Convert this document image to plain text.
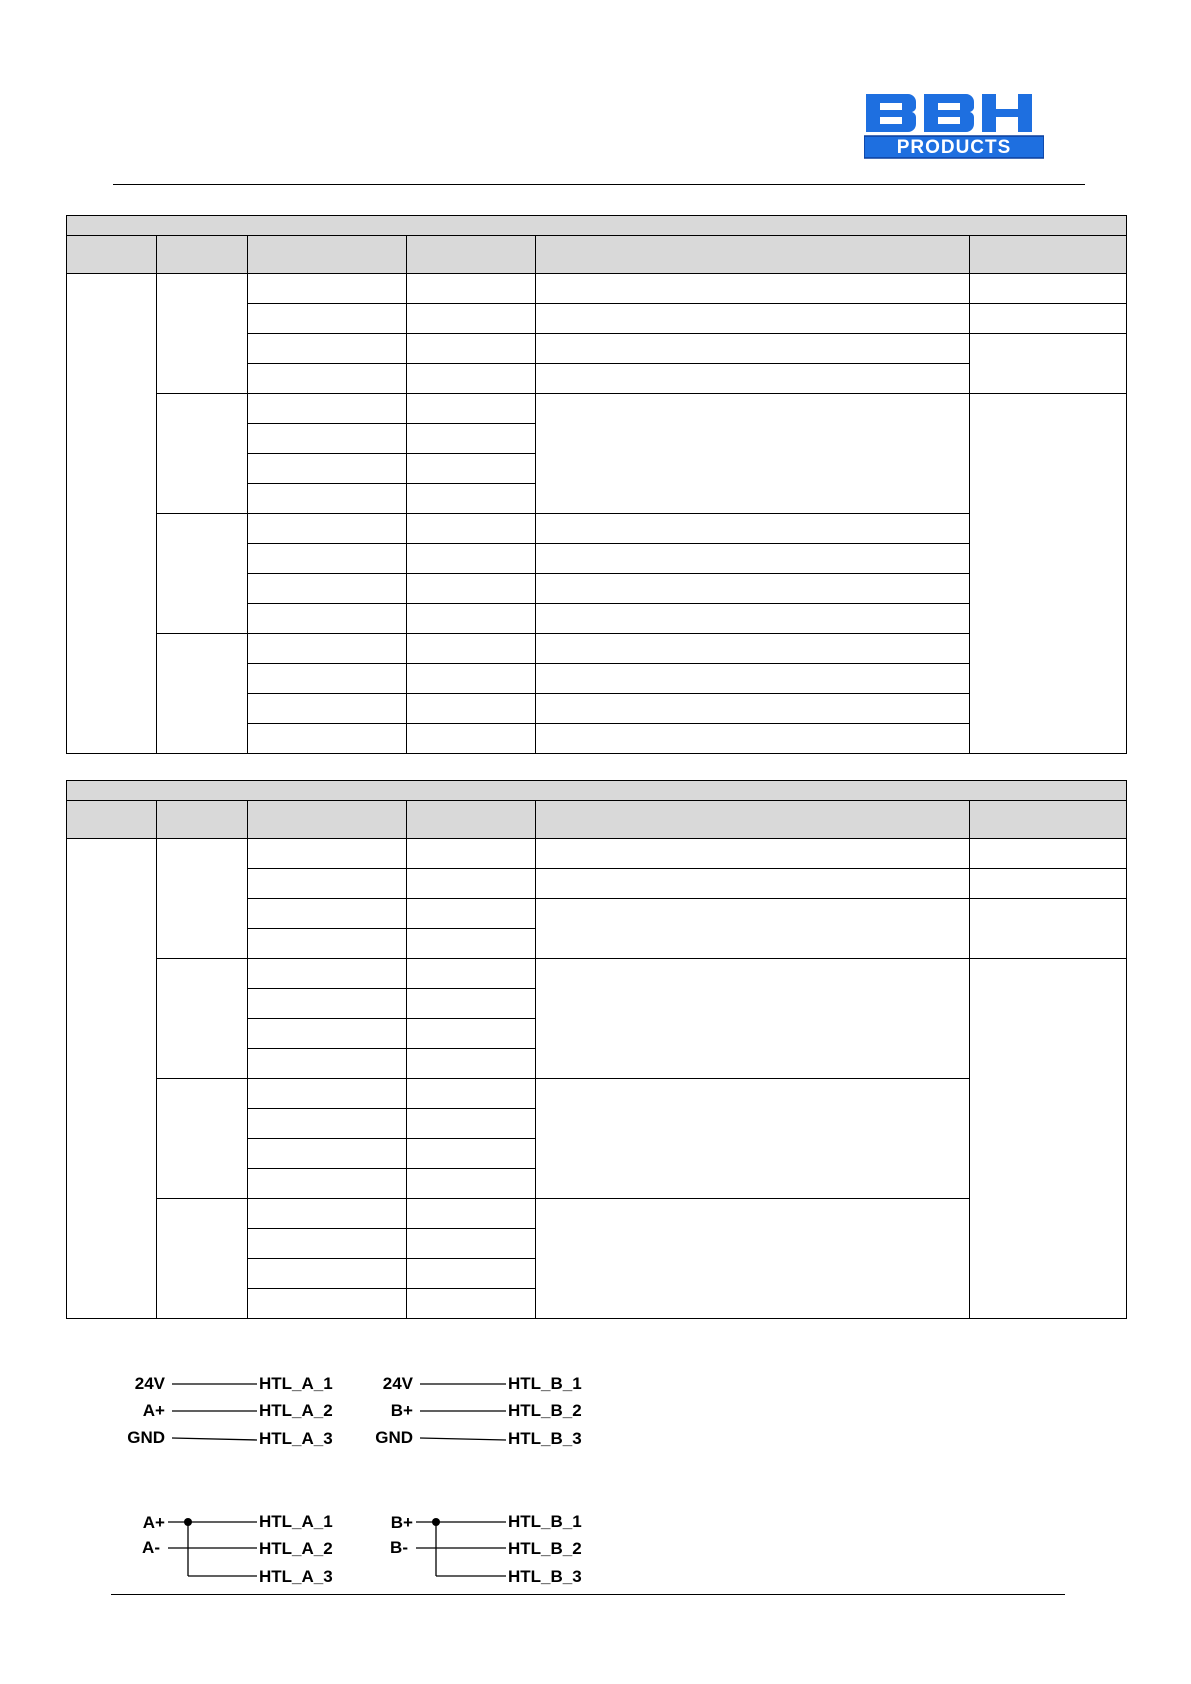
PRODUCTS
24V
A+
GND
HTL_A_1
HTL_A_2
HTL_A_3
24V
B+
GND
HTL_B_1
HTL_B_2
HTL_B_3
A+
A-
HTL_A_1
HTL_A_2
HTL_A_3
B+
B-
HTL_B_1
HTL_B_2
HTL_B_3
